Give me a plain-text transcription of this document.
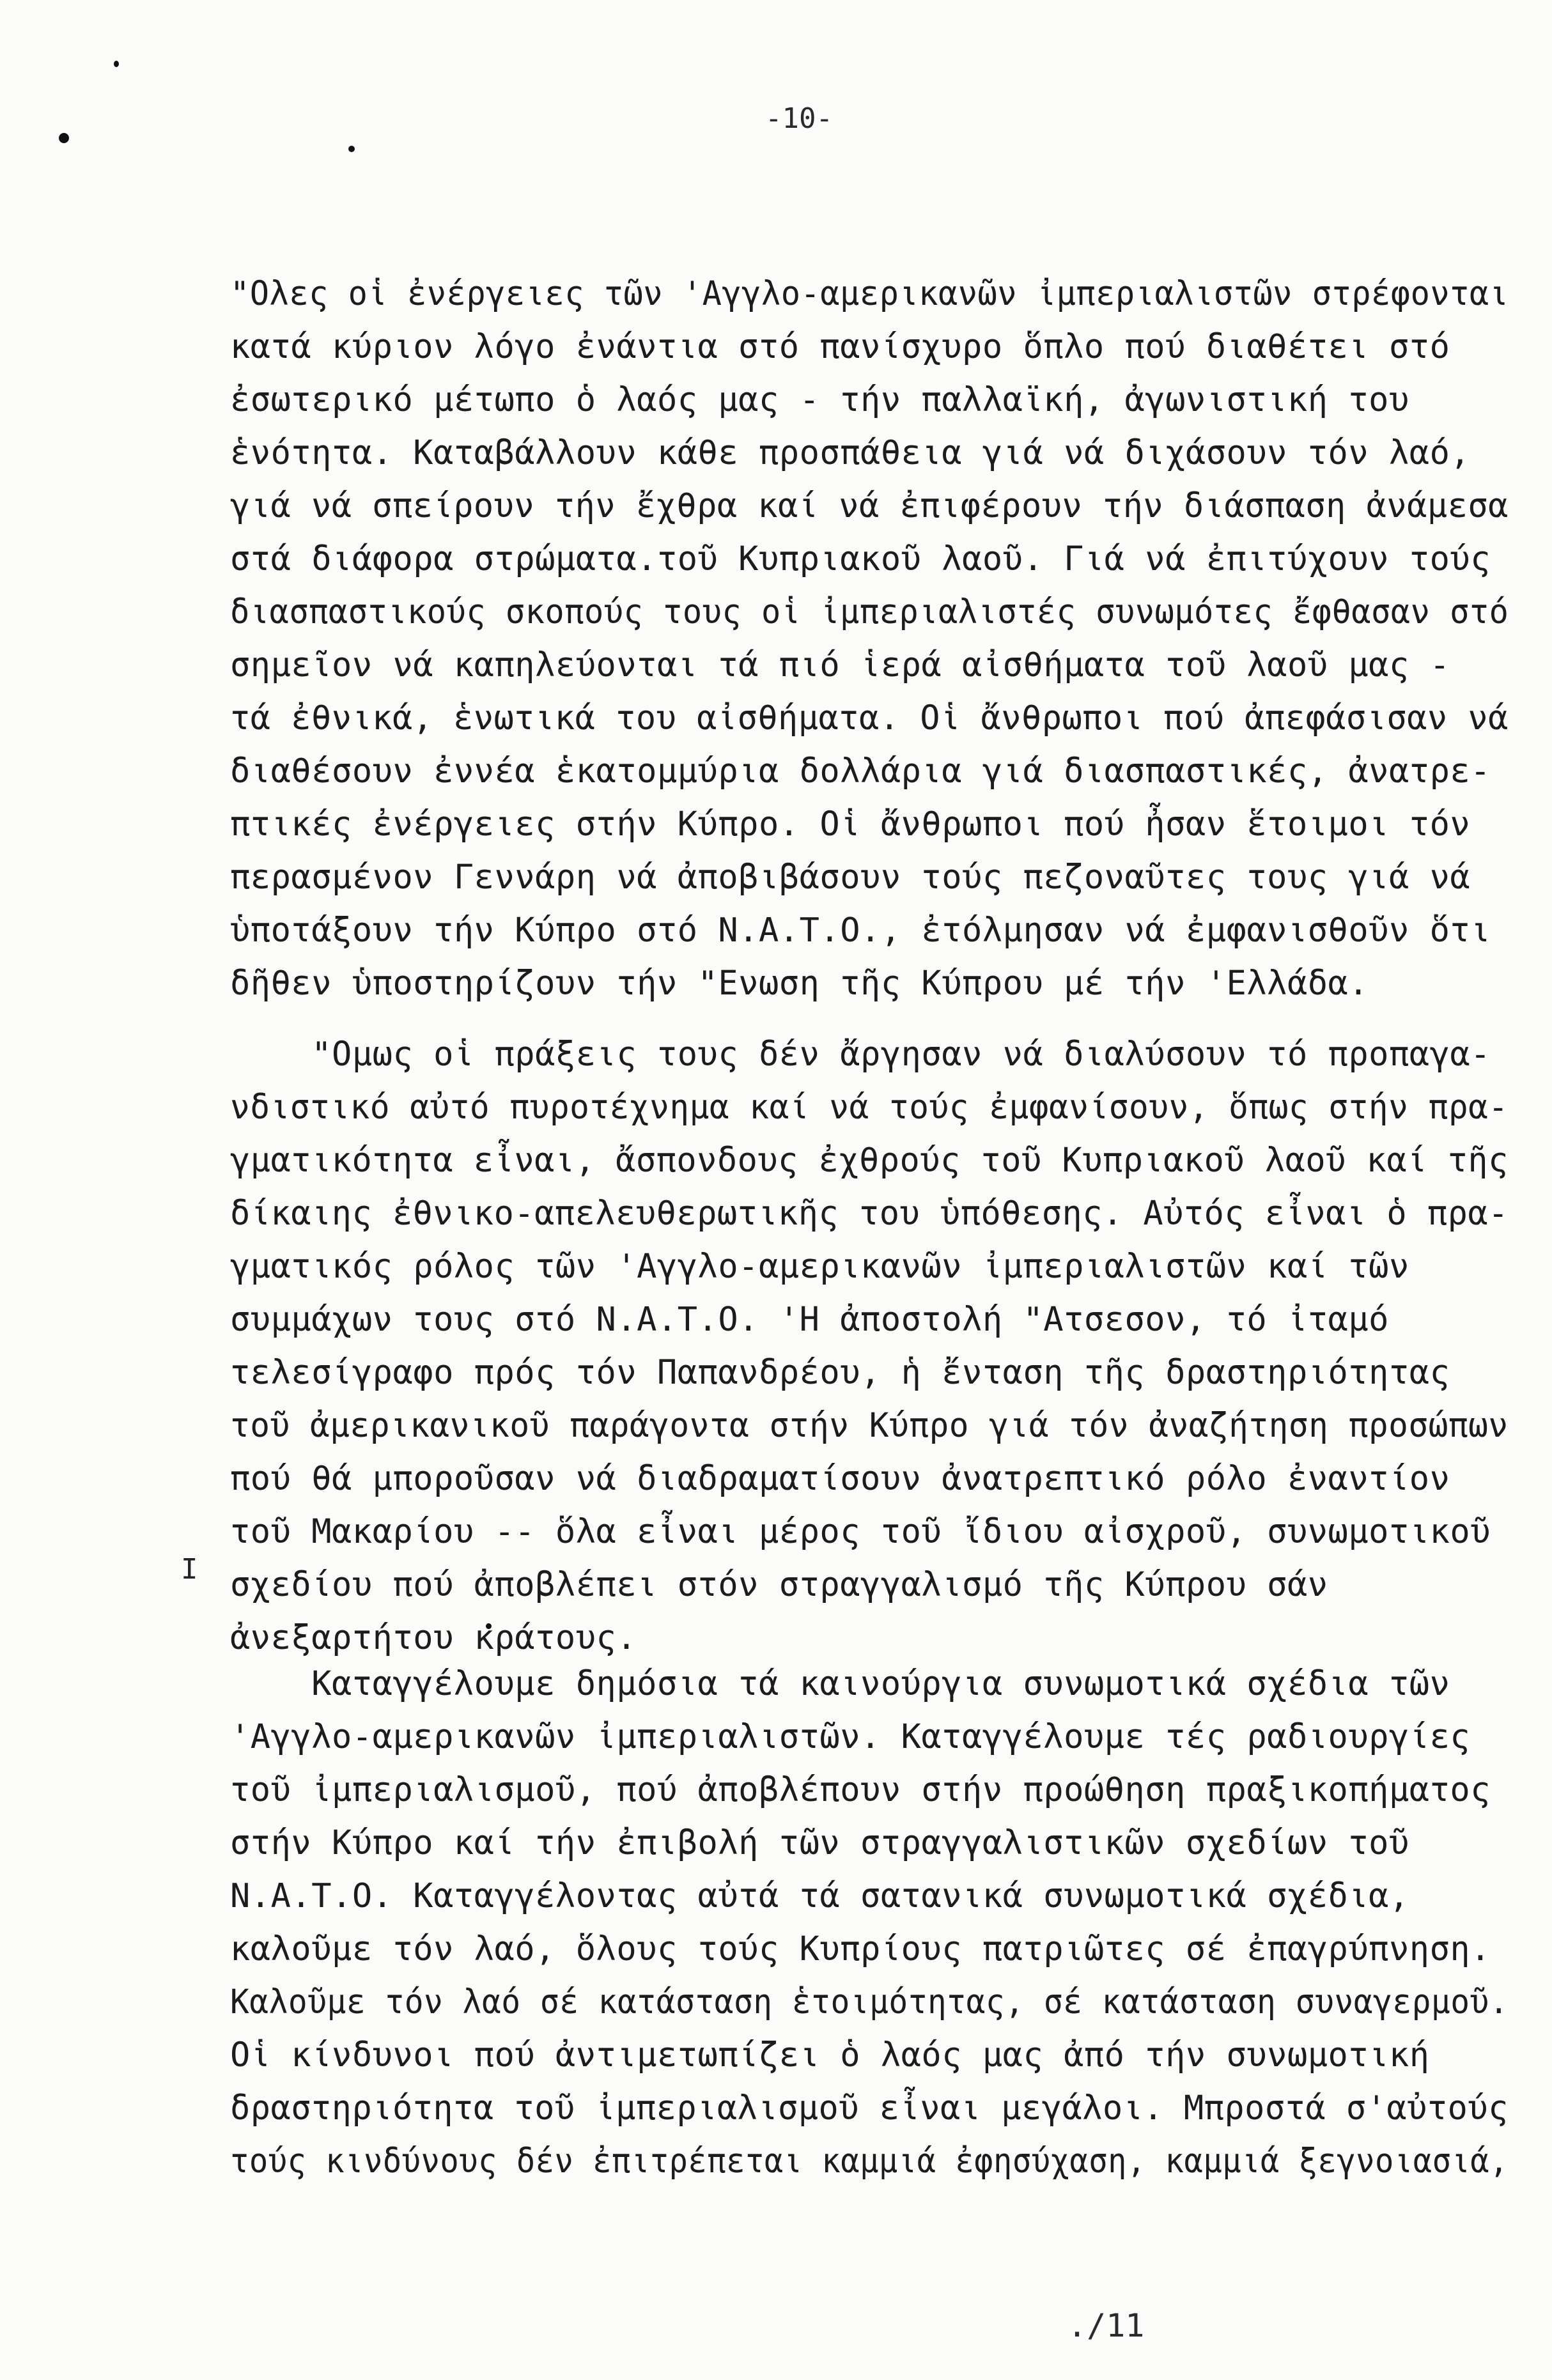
-10-
I
"Ολες οἱ ἐνέργειες τῶν 'Αγγλο-αμερικανῶν ἰμπεριαλιστῶν στρέφονται
κατά κύριον λόγο ἐνάντια στό πανίσχυρο ὅπλο πού διαθέτει στό
ἐσωτερικό μέτωπο ὁ λαός μας - τήν παλλαϊκή, ἀγωνιστική του
ἑνότητα. Καταβάλλουν κάθε προσπάθεια γιά νά διχάσουν τόν λαό,
γιά νά σπείρουν τήν ἔχθρα καί νά ἐπιφέρουν τήν διάσπαση ἀνάμεσα
στά διάφορα στρώματα.τοῦ Κυπριακοῦ λαοῦ. Γιά νά ἐπιτύχουν τούς
διασπαστικούς σκοπούς τους οἱ ἰμπεριαλιστές συνωμότες ἔφθασαν στό
σημεῖον νά καπηλεύονται τά πιό ἱερά αἰσθήματα τοῦ λαοῦ μας -
τά ἐθνικά, ἑνωτικά του αἰσθήματα. Οἱ ἄνθρωποι πού ἀπεφάσισαν νά
διαθέσουν ἐννέα ἑκατομμύρια δολλάρια γιά διασπαστικές, ἀνατρε-
πτικές ἐνέργειες στήν Κύπρο. Οἱ ἄνθρωποι πού ἦσαν ἕτοιμοι τόν
περασμένον Γεννάρη νά ἀποβιβάσουν τούς πεζοναῦτες τους γιά νά
ὑποτάξουν τήν Κύπρο στό N.A.T.O., ἐτόλμησαν νά ἐμφανισθοῦν ὅτι
δῆθεν ὑποστηρίζουν τήν "Ενωση τῆς Κύπρου μέ τήν 'Ελλάδα.
"Ομως οἱ πράξεις τους δέν ἄργησαν νά διαλύσουν τό προπαγα-
νδιστικό αὐτό πυροτέχνημα καί νά τούς ἐμφανίσουν, ὅπως στήν πρα-
γματικότητα εἶναι, ἄσπονδους ἐχθρούς τοῦ Κυπριακοῦ λαοῦ καί τῆς
δίκαιης ἐθνικο-απελευθερωτικῆς του ὑπόθεσης. Αὐτός εἶναι ὁ πρα-
γματικός ρόλος τῶν 'Αγγλο-αμερικανῶν ἰμπεριαλιστῶν καί τῶν
συμμάχων τους στό N.A.T.O. 'Η ἀποστολή "Ατσεσον, τό ἰταμό
τελεσίγραφο πρός τόν Παπανδρέου, ἡ ἔνταση τῆς δραστηριότητας
τοῦ ἀμερικανικοῦ παράγοντα στήν Κύπρο γιά τόν ἀναζήτηση προσώπων
πού θά μποροῦσαν νά διαδραματίσουν ἀνατρεπτικό ρόλο ἐναντίον
τοῦ Μακαρίου -- ὅλα εἶναι μέρος τοῦ ἴδιου αἰσχροῦ, συνωμοτικοῦ
σχεδίου πού ἀποβλέπει στόν στραγγαλισμό τῆς Κύπρου σάν
ἀνεξαρτήτου κράτους.
Καταγγέλουμε δημόσια τά καινούργια συνωμοτικά σχέδια τῶν
'Αγγλο-αμερικανῶν ἰμπεριαλιστῶν. Καταγγέλουμε τές ραδιουργίες
τοῦ ἰμπεριαλισμοῦ, πού ἀποβλέπουν στήν προώθηση πραξικοπήματος
στήν Κύπρο καί τήν ἐπιβολή τῶν στραγγαλιστικῶν σχεδίων τοῦ
N.A.T.O. Καταγγέλοντας αὐτά τά σατανικά συνωμοτικά σχέδια,
καλοῦμε τόν λαό, ὅλους τούς Κυπρίους πατριῶτες σέ ἐπαγρύπνηση.
Καλοῦμε τόν λαό σέ κατάσταση ἑτοιμότητας, σέ κατάσταση συναγερμοῦ.
Οἱ κίνδυνοι πού ἀντιμετωπίζει ὁ λαός μας ἀπό τήν συνωμοτική
δραστηριότητα τοῦ ἰμπεριαλισμοῦ εἶναι μεγάλοι. Μπροστά σ'αὐτούς
τούς κινδύνους δέν ἐπιτρέπεται καμμιά ἐφησύχαση, καμμιά ξεγνοιασιά,
./11
